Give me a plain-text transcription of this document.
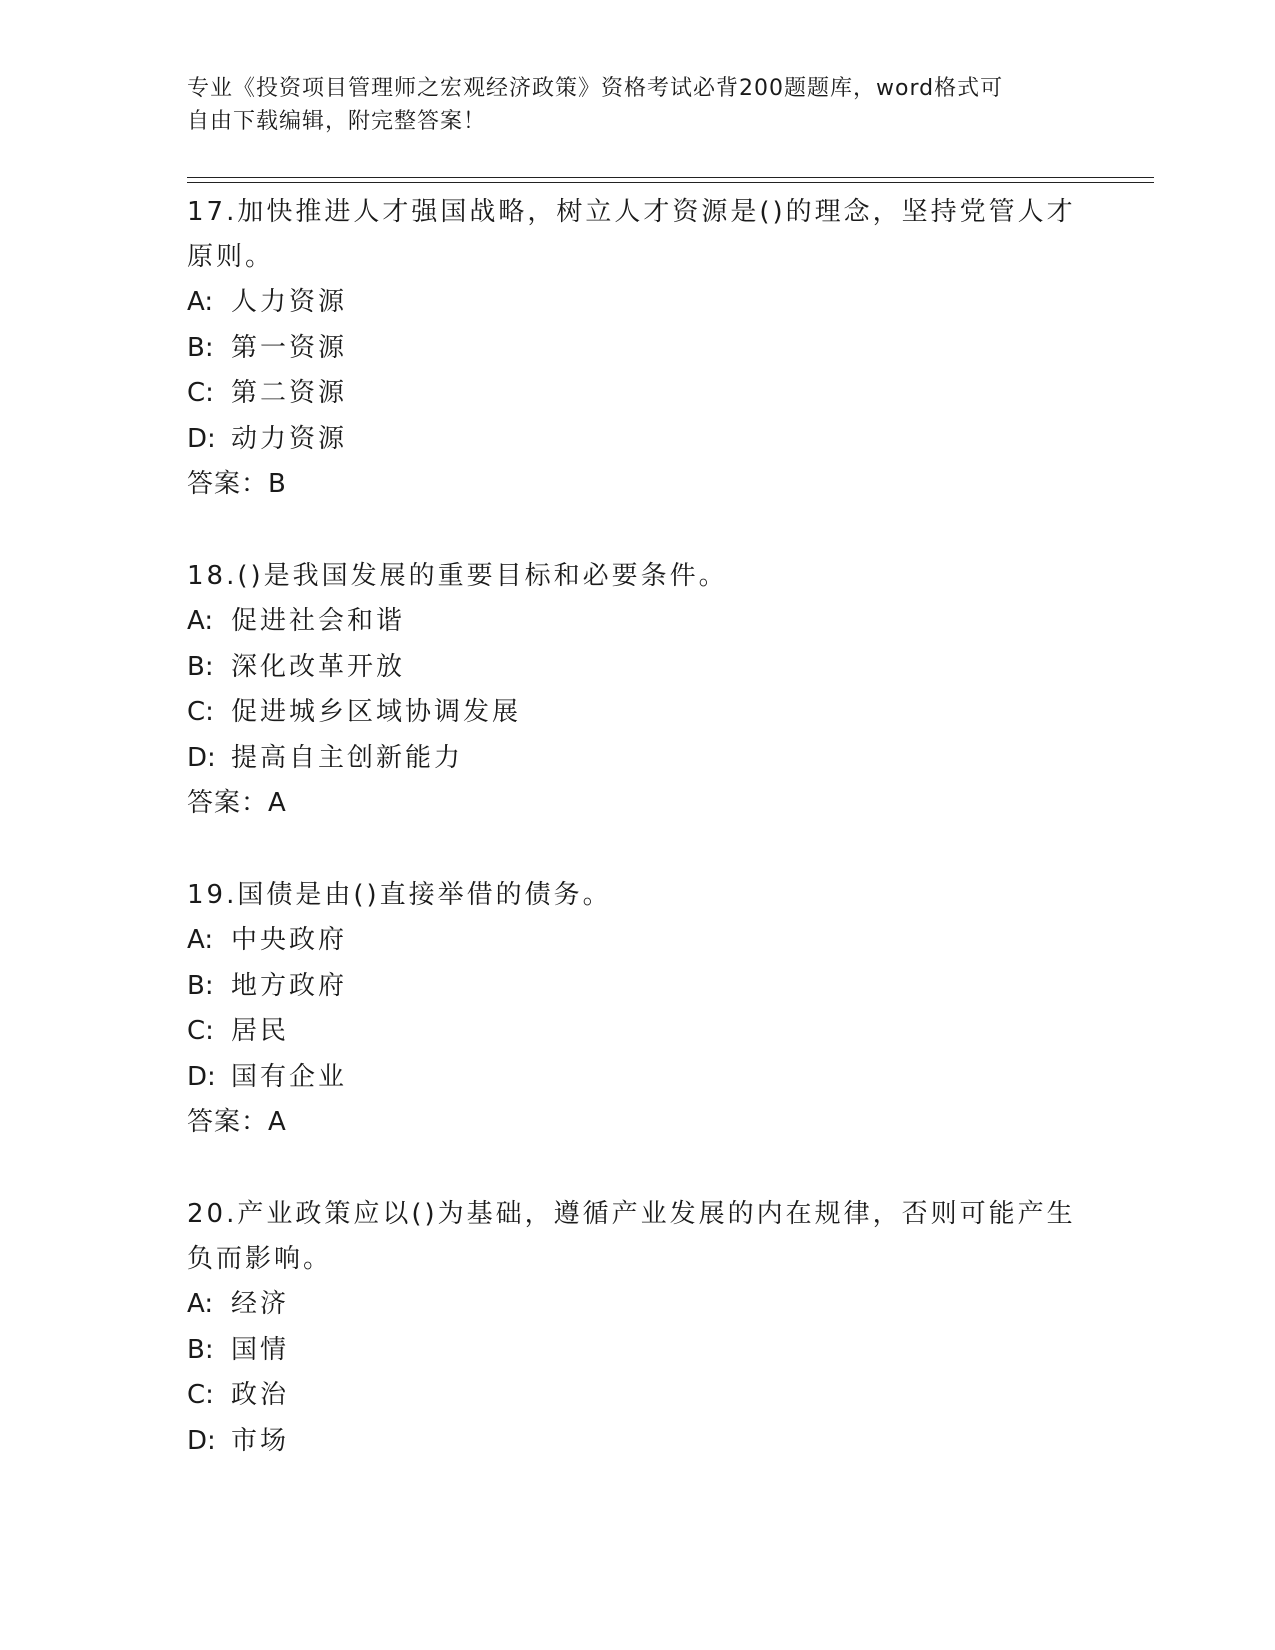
专业《投资项目管理师之宏观经济政策》资格考试必背200题题库，word格式可
自由下载编辑，附完整答案！
17.加快推进人才强国战略，树立人才资源是()的理念，坚持党管人才
原则。
A: 人力资源
B: 第一资源
C: 第二资源
D: 动力资源
答案：B
18.()是我国发展的重要目标和必要条件。
A: 促进社会和谐
B: 深化改革开放
C: 促进城乡区域协调发展
D: 提高自主创新能力
答案：A
19.国债是由()直接举借的债务。
A: 中央政府
B: 地方政府
C: 居民
D: 国有企业
答案：A
20.产业政策应以()为基础，遵循产业发展的内在规律，否则可能产生
负而影响。
A: 经济
B: 国情
C: 政治
D: 市场
